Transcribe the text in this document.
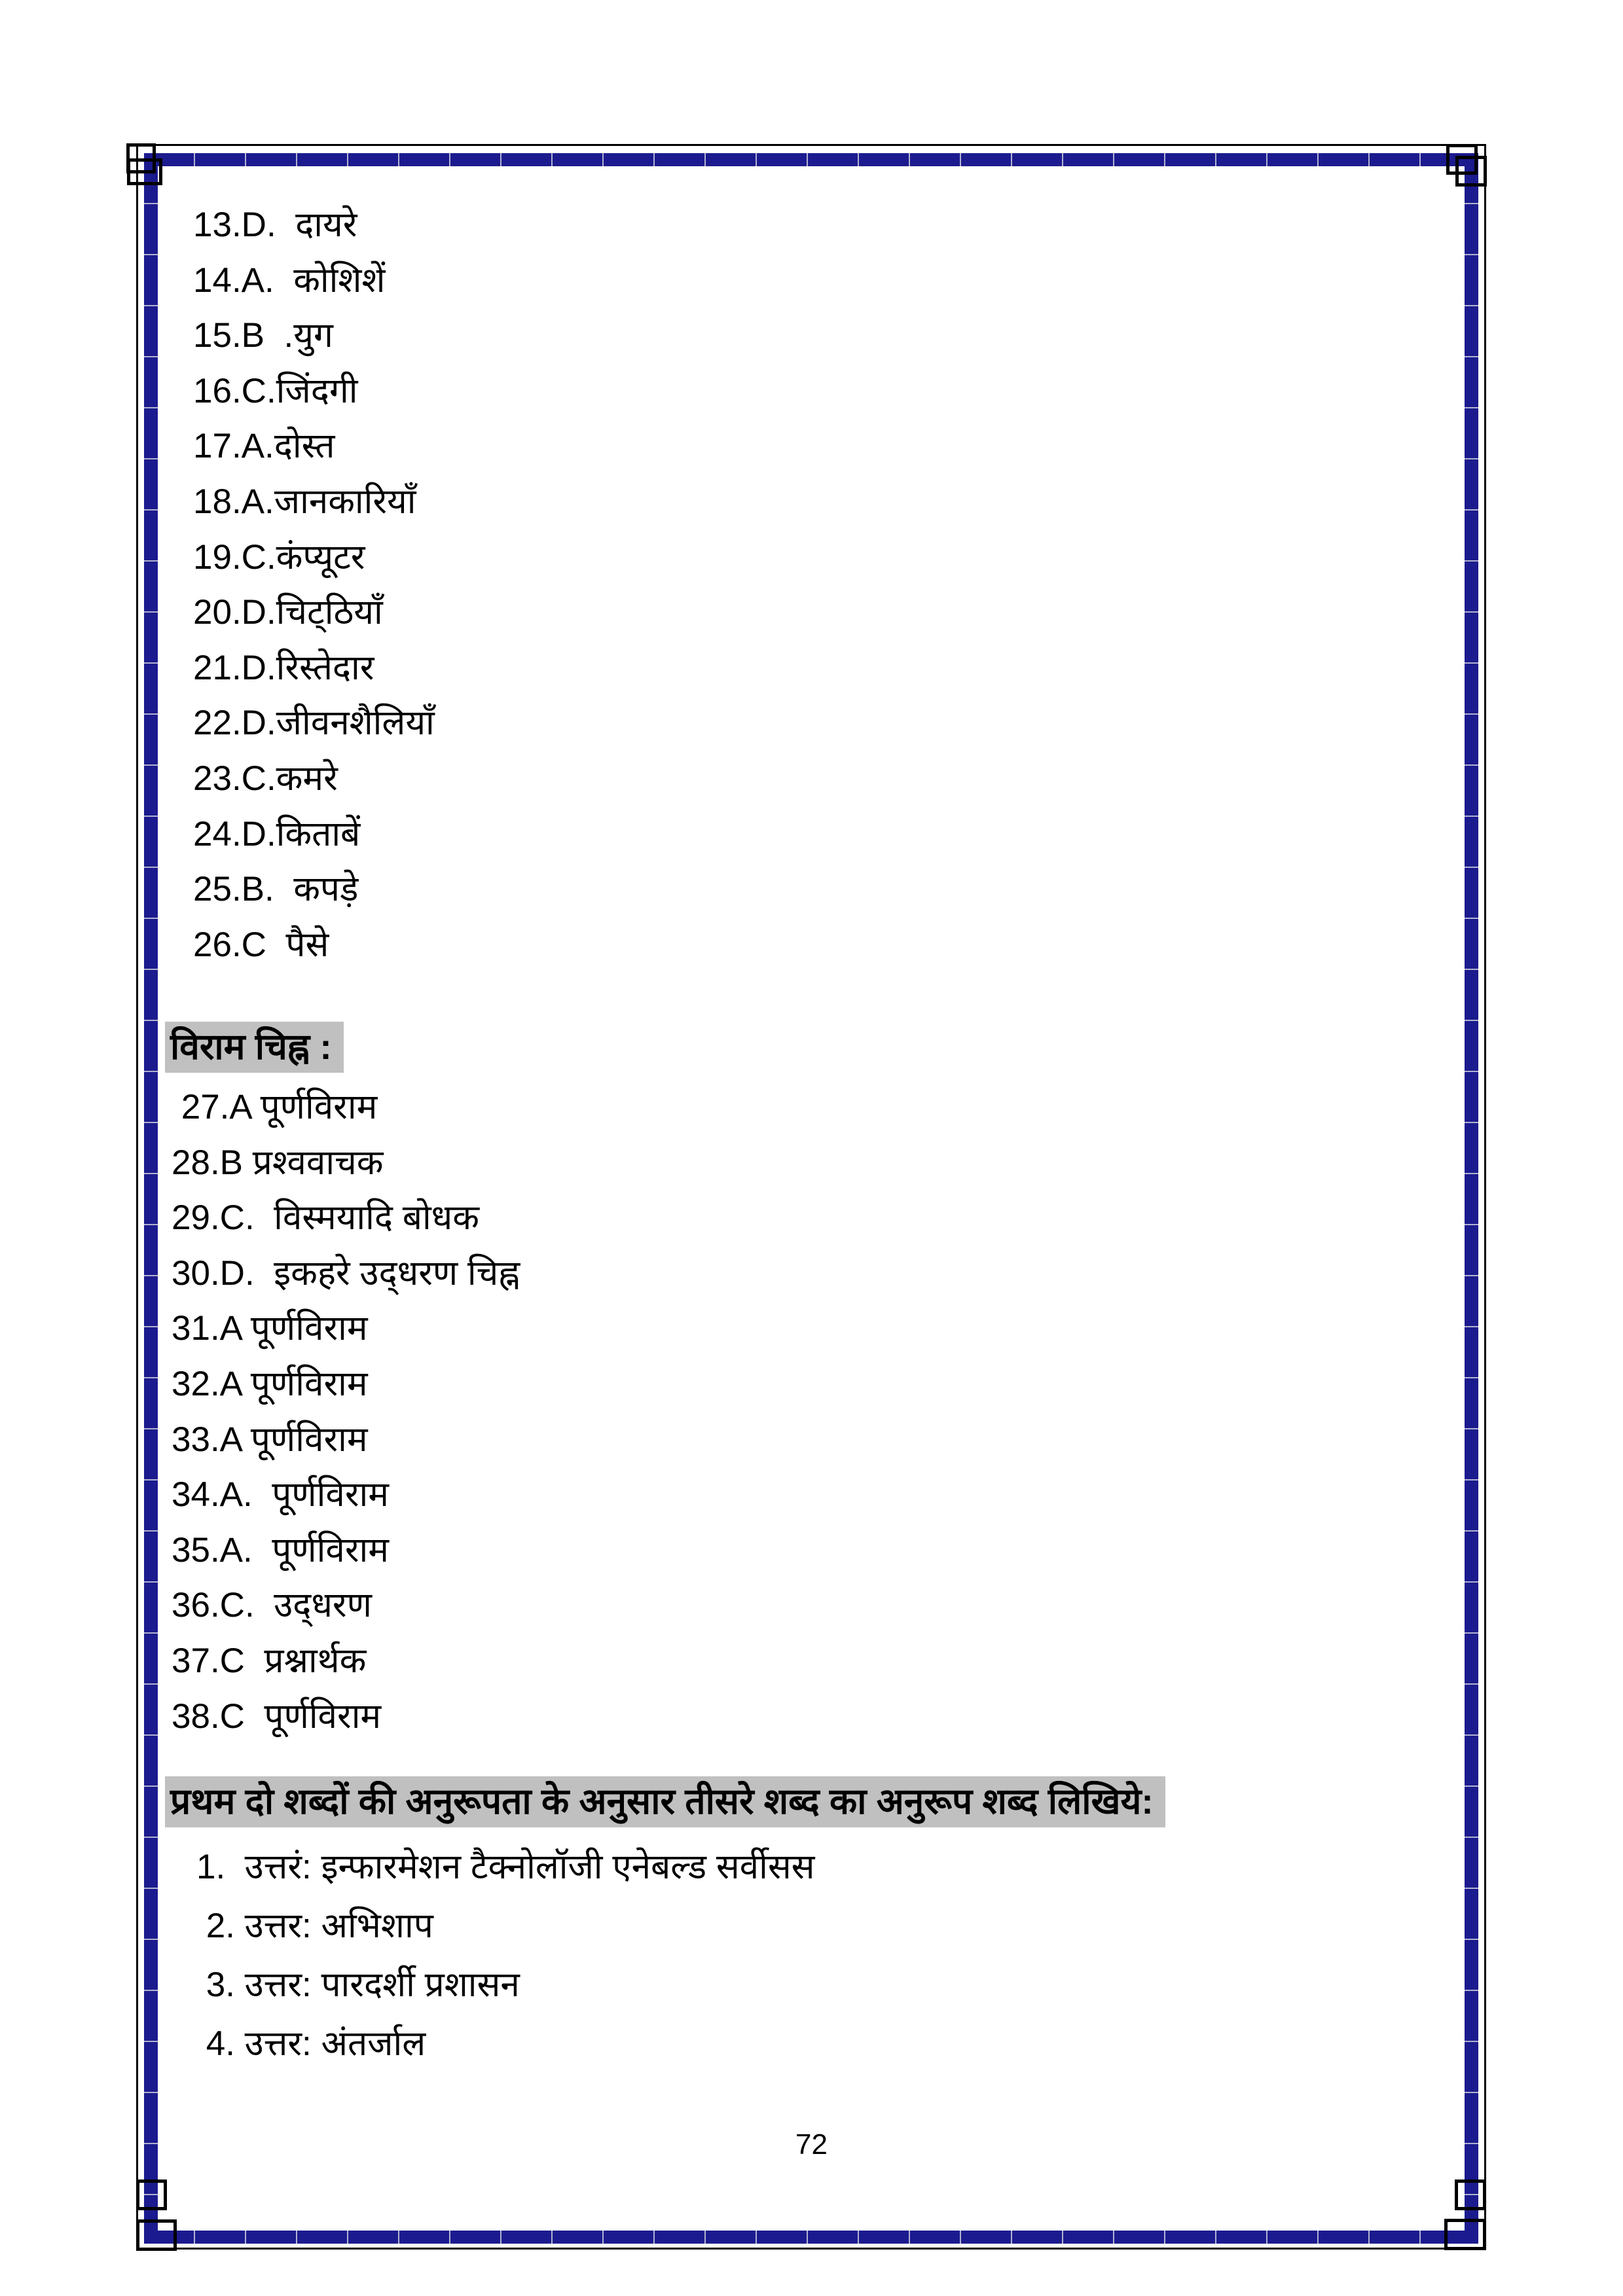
13.D.  दायरे
14.A.  कोशिशें
15.B  .युग
16.C.जिंदगी
17.A.दोस्त
18.A.जानकारियाँ
19.C.कंप्यूटर
20.D.चिट्‌ठियाँ
21.D.रिस्तेदार
22.D.जीवनशैलियाँ
23.C.कमरे
24.D.किताबें
25.B.  कपड़े
26.C  पैसे
विराम चिह्न :
27.A पूर्णविराम
28.B प्रश्ववाचक
29.C.  विस्मयादि बोधक
30.D.  इकहरे उद्‌धरण चिह्न
31.A पूर्णविराम
32.A पूर्णविराम
33.A पूर्णविराम
34.A.  पूर्णविराम
35.A.  पूर्णविराम
36.C.  उद्‌धरण
37.C  प्रश्नार्थक
38.C  पूर्णविराम
प्रथम दो शब्दों की अनुरूपता के अनुसार तीसरे शब्द का अनुरूप शब्द लिखिये:
1.  उत्तरं: इन्फारमेशन टैक्नोलॉजी एनेबल्ड सर्वीसस
2. उत्तर: अभिशाप
3. उत्तर: पारदर्शी प्रशासन
4. उत्तर: अंतर्जाल
72
